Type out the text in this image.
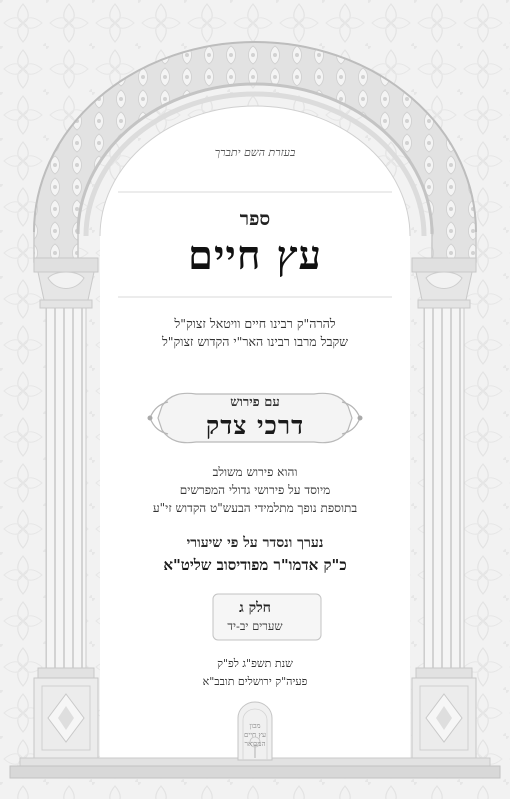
בעזרת השם יתברך
ספר
עץ חיים
להרה"ק רבינו חיים וויטאל זצוק"ל
שקבל מרבו רבינו האר"י הקדוש זצוק"ל
עם פירוש
דרכי צדק
והוא פירוש משולב
מיוסד על פירושי גדולי המפרשים
בתוספת נופך מתלמידי הבעש"ט הקדוש זי"ע
נערך ונסדר על פי שיעורי
כ"ק אדמו"ר מפודיסוב שליט"א
חלק ג
שערים יב-יד
שנת תשפ"ג לפ"ק
פעיה"ק ירושלים תובב"א
מכון
עץ חיים
המבואר
